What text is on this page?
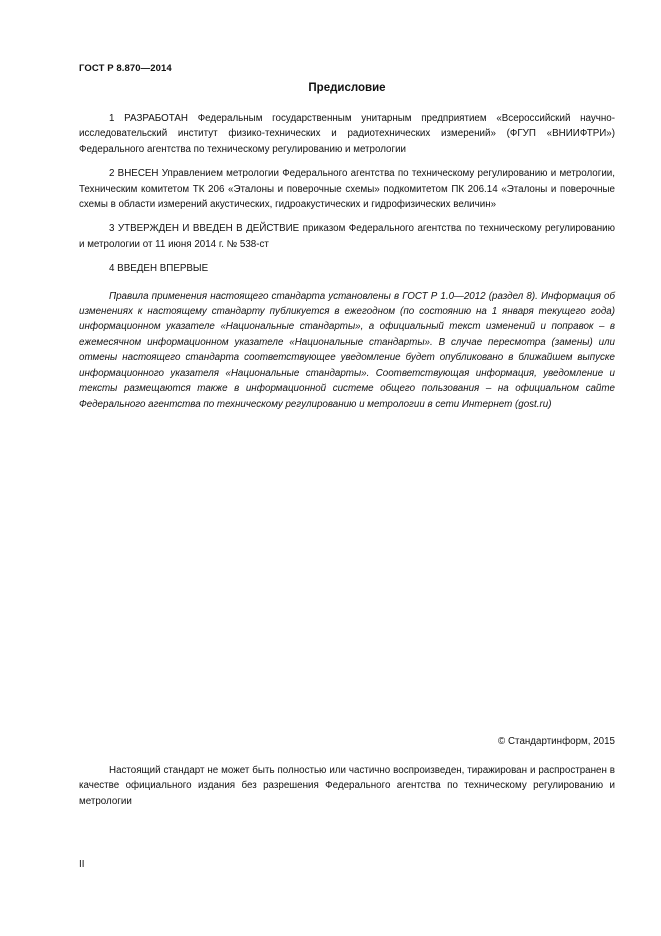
ГОСТ Р 8.870—2014
Предисловие

1 РАЗРАБОТАН Федеральным государственным унитарным предприятием «Всероссийский научно-исследовательский институт физико-технических и радиотехнических измерений» (ФГУП «ВНИИФТРИ») Федерального агентства по техническому регулированию и метрологии

2 ВНЕСЕН Управлением метрологии Федерального агентства по техническому регулированию и метрологии, Техническим комитетом ТК 206 «Эталоны и поверочные схемы» подкомитетом ПК 206.14 «Эталоны и поверочные схемы в области измерений акустических, гидроакустических и гидрофизических величин»

3 УТВЕРЖДЕН И ВВЕДЕН В ДЕЙСТВИЕ приказом Федерального агентства по техническому регулированию и метрологии от 11 июня 2014 г. № 538-ст

4 ВВЕДЕН ВПЕРВЫЕ

Правила применения настоящего стандарта установлены в ГОСТ Р 1.0—2012 (раздел 8). Информация об изменениях к настоящему стандарту публикуется в ежегодном (по состоянию на 1 января текущего года) информационном указателе «Национальные стандарты», а официальный текст изменений и поправок – в ежемесячном информационном указателе «Национальные стандарты». В случае пересмотра (замены) или отмены настоящего стандарта соответствующее уведомление будет опубликовано в ближайшем выпуске информационного указателя «Национальные стандарты». Соответствующая информация, уведомление и тексты размещаются также в информационной системе общего пользования – на официальном сайте Федерального агентства по техническому регулированию и метрологии в сети Интернет (gost.ru)

© Стандартинформ, 2015

Настоящий стандарт не может быть полностью или частично воспроизведен, тиражирован и распространен в качестве официального издания без разрешения Федерального агентства по техническому регулированию и метрологии

II
